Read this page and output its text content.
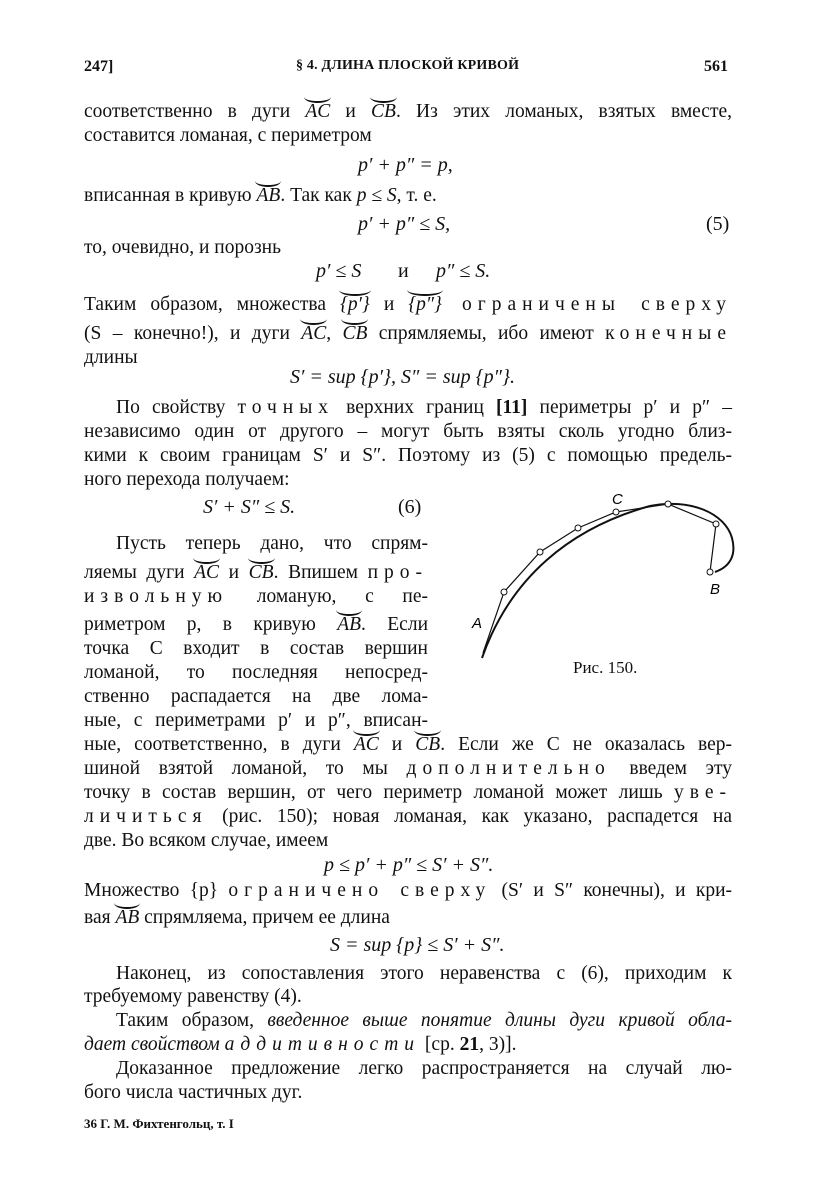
247]	§ 4. ДЛИНА ПЛОСКОЙ КРИВОЙ	561
соответственно в дуги AC и CB. Из этих ломаных, взятых вместе,
составится ломаная, с периметром
p′ + p″ = p,
вписанная в кривую AB. Так как p ≤ S, т. е.
p′ + p″ ≤ S,	(5)
то, очевидно, и порознь
p′ ≤ S и p″ ≤ S.
Таким образом, множества {p′} и {p″} ограничены сверху
(S – конечно!), и дуги AC, CB спрямляемы, ибо имеют конечные
длины
S′ = sup {p′}, S″ = sup {p″}.
По свойству точных верхних границ [11] периметры p′ и p″ –
независимо один от другого – могут быть взяты сколь угодно близ-
кими к своим границам S′ и S″. Поэтому из (5) с помощью предель-
ного перехода получаем:
S′ + S″ ≤ S.	(6)
Пусть теперь дано, что спрям-
ляемы дуги AC и CB. Впишем про-
извольную ломаную, с пе-
риметром p, в кривую AB. Если
точка C входит в состав вершин
ломаной, то последняя непосред-
ственно распадается на две лома-
ные, с периметрами p′ и p″, вписан-
A
B
C
Рис. 150.
ные, соответственно, в дуги AC и CB. Если же C не оказалась вер-
шиной взятой ломаной, то мы дополнительно введем эту
точку в состав вершин, от чего периметр ломаной может лишь уве-
личиться (рис. 150); новая ломаная, как указано, распадется на
две. Во всяком случае, имеем
p ≤ p′ + p″ ≤ S′ + S″.
Множество {p} ограничено сверху (S′ и S″ конечны), и кри-
вая AB спрямляема, причем ее длина
S = sup {p} ≤ S′ + S″.
Наконец, из сопоставления этого неравенства с (6), приходим к
требуемому равенству (4).
Таким образом, введенное выше понятие длины дуги кривой обла-
дает свойством аддитивности [ср. 21, 3)].
Доказанное предложение легко распространяется на случай лю-
бого числа частичных дуг.
36 Г. М. Фихтенгольц, т. I
